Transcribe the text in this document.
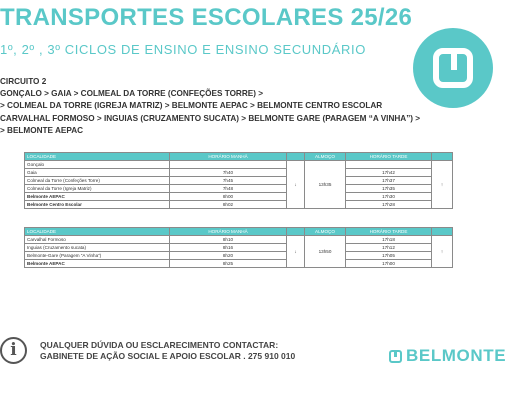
TRANSPORTES ESCOLARES 25/26
1º, 2º , 3º CICLOS DE ENSINO E ENSINO SECUNDÁRIO
CIRCUITO 2
GONÇALO > GAIA > COLMEAL DA TORRE (CONFEÇÕES TORRE) >
> COLMEAL DA TORRE (IGREJA MATRIZ) > BELMONTE AEPAC > BELMONTE CENTRO ESCOLAR
CARVALHAL FORMOSO > INGUIAS (CRUZAMENTO SUCATA) > BELMONTE GARE (PARAGEM “A VINHA”) >
> BELMONTE AEPAC
LOCALIDADE	HORÁRIO MANHÃ		ALMOÇO	HORÁRIO TARDE	
Gonçalo		↓	13h35		↑
Gaia	7h40			17h42	
Colmeal da Torre (Confeções Torre)	7h45			17h37	
Colmeal da Torre (Igreja Matriz)	7h48			17h35	
Belmonte AEPAC	8h00			17h30	
Belmonte Centro Escolar	8h02			17h28	
LOCALIDADE	HORÁRIO MANHÃ		ALMOÇO	HORÁRIO TARDE	
Carvalhal Formoso	8h10	↓	13h50	17h18	↑
Inguias (Cruzamento sucata)	8h16			17h12	
Belmonte-Gare (Paragem “A Vinha”)	8h20			17h05	
Belmonte AEPAC	8h25			17h00	
i	QUALQUER DÚVIDA OU ESCLARECIMENTO CONTACTAR:
GABINETE DE AÇÃO SOCIAL E APOIO ESCOLAR . 275 910 010	BELMONTE
